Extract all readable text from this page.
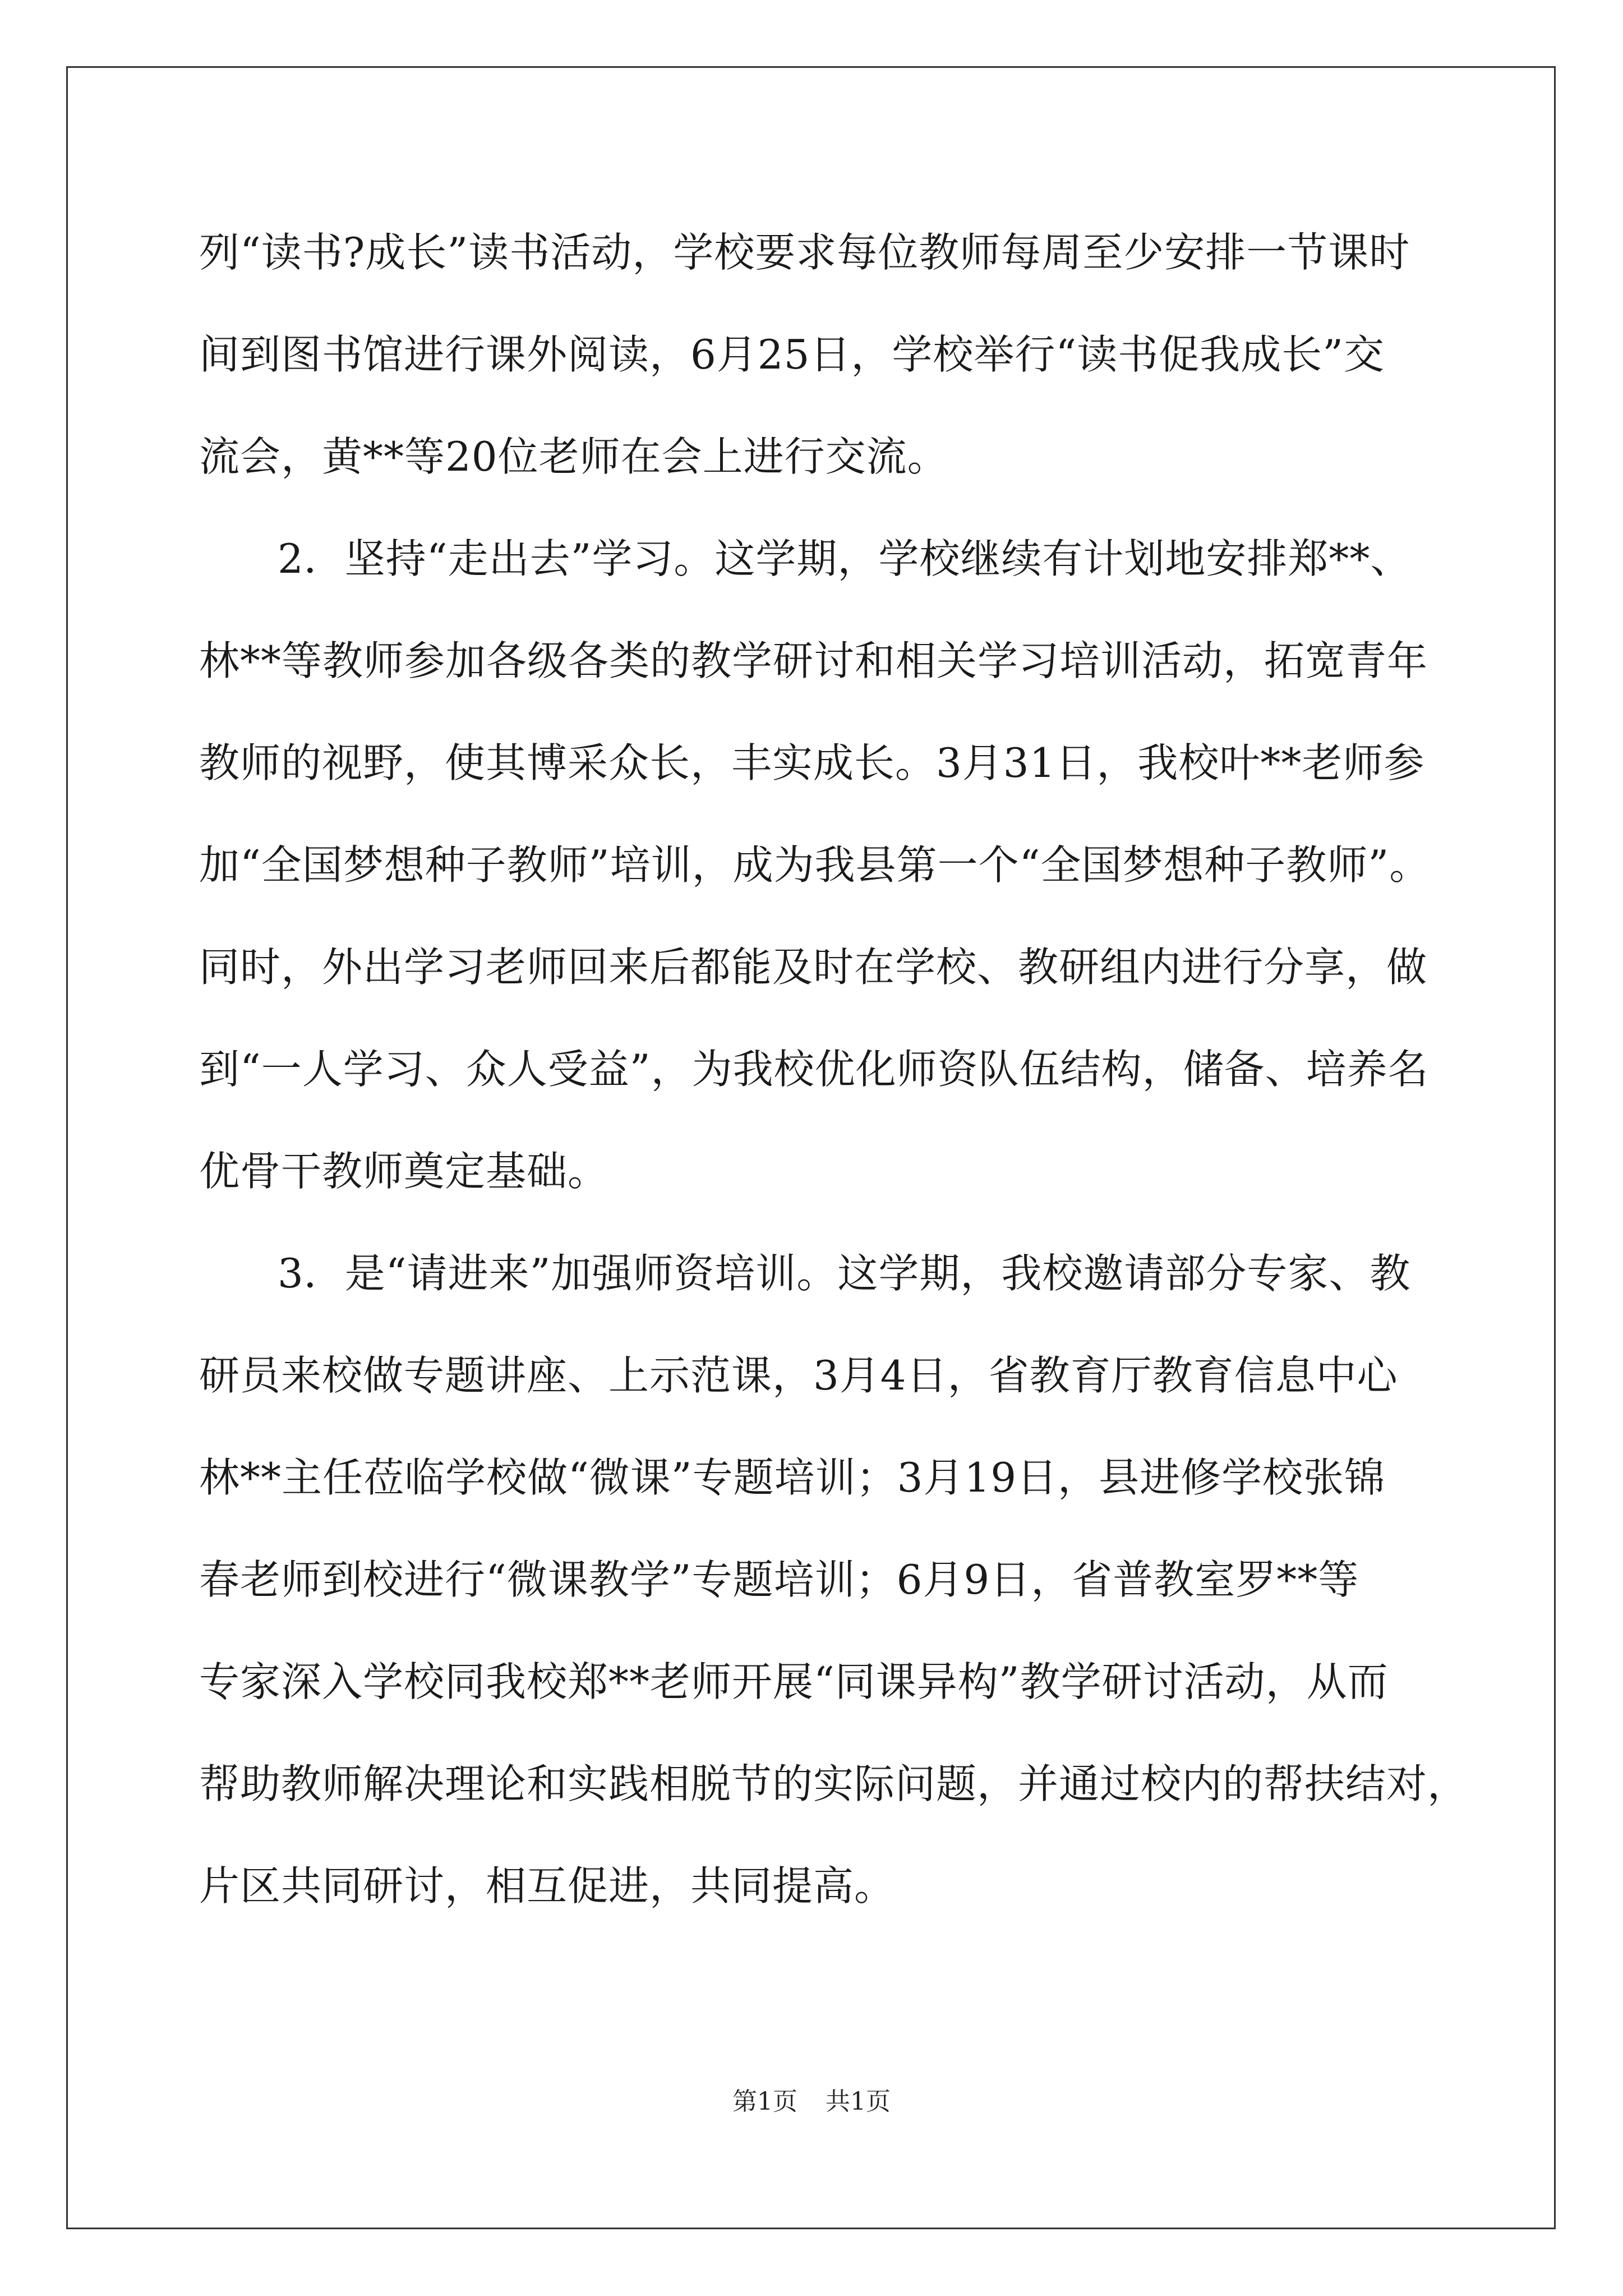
列“读书?成长”读书活动，学校要求每位教师每周至少安排一节课时
间到图书馆进行课外阅读，6月25日，学校举行“读书促我成长”交
流会，黄**等20位老师在会上进行交流。
2．坚持“走出去”学习。这学期，学校继续有计划地安排郑**、
林**等教师参加各级各类的教学研讨和相关学习培训活动，拓宽青年
教师的视野，使其博采众长，丰实成长。3月31日，我校叶**老师参
加“全国梦想种子教师”培训，成为我县第一个“全国梦想种子教师”。
同时，外出学习老师回来后都能及时在学校、教研组内进行分享，做
到“一人学习、众人受益”，为我校优化师资队伍结构，储备、培养名
优骨干教师奠定基础。
3．是“请进来”加强师资培训。这学期，我校邀请部分专家、教
研员来校做专题讲座、上示范课，3月4日，省教育厅教育信息中心
林**主任莅临学校做“微课”专题培训；3月19日，县进修学校张锦
春老师到校进行“微课教学”专题培训；6月9日，省普教室罗**等
专家深入学校同我校郑**老师开展“同课异构”教学研讨活动，从而
帮助教师解决理论和实践相脱节的实际问题，并通过校内的帮扶结对，
片区共同研讨，相互促进，共同提高。
第1页 共1页
